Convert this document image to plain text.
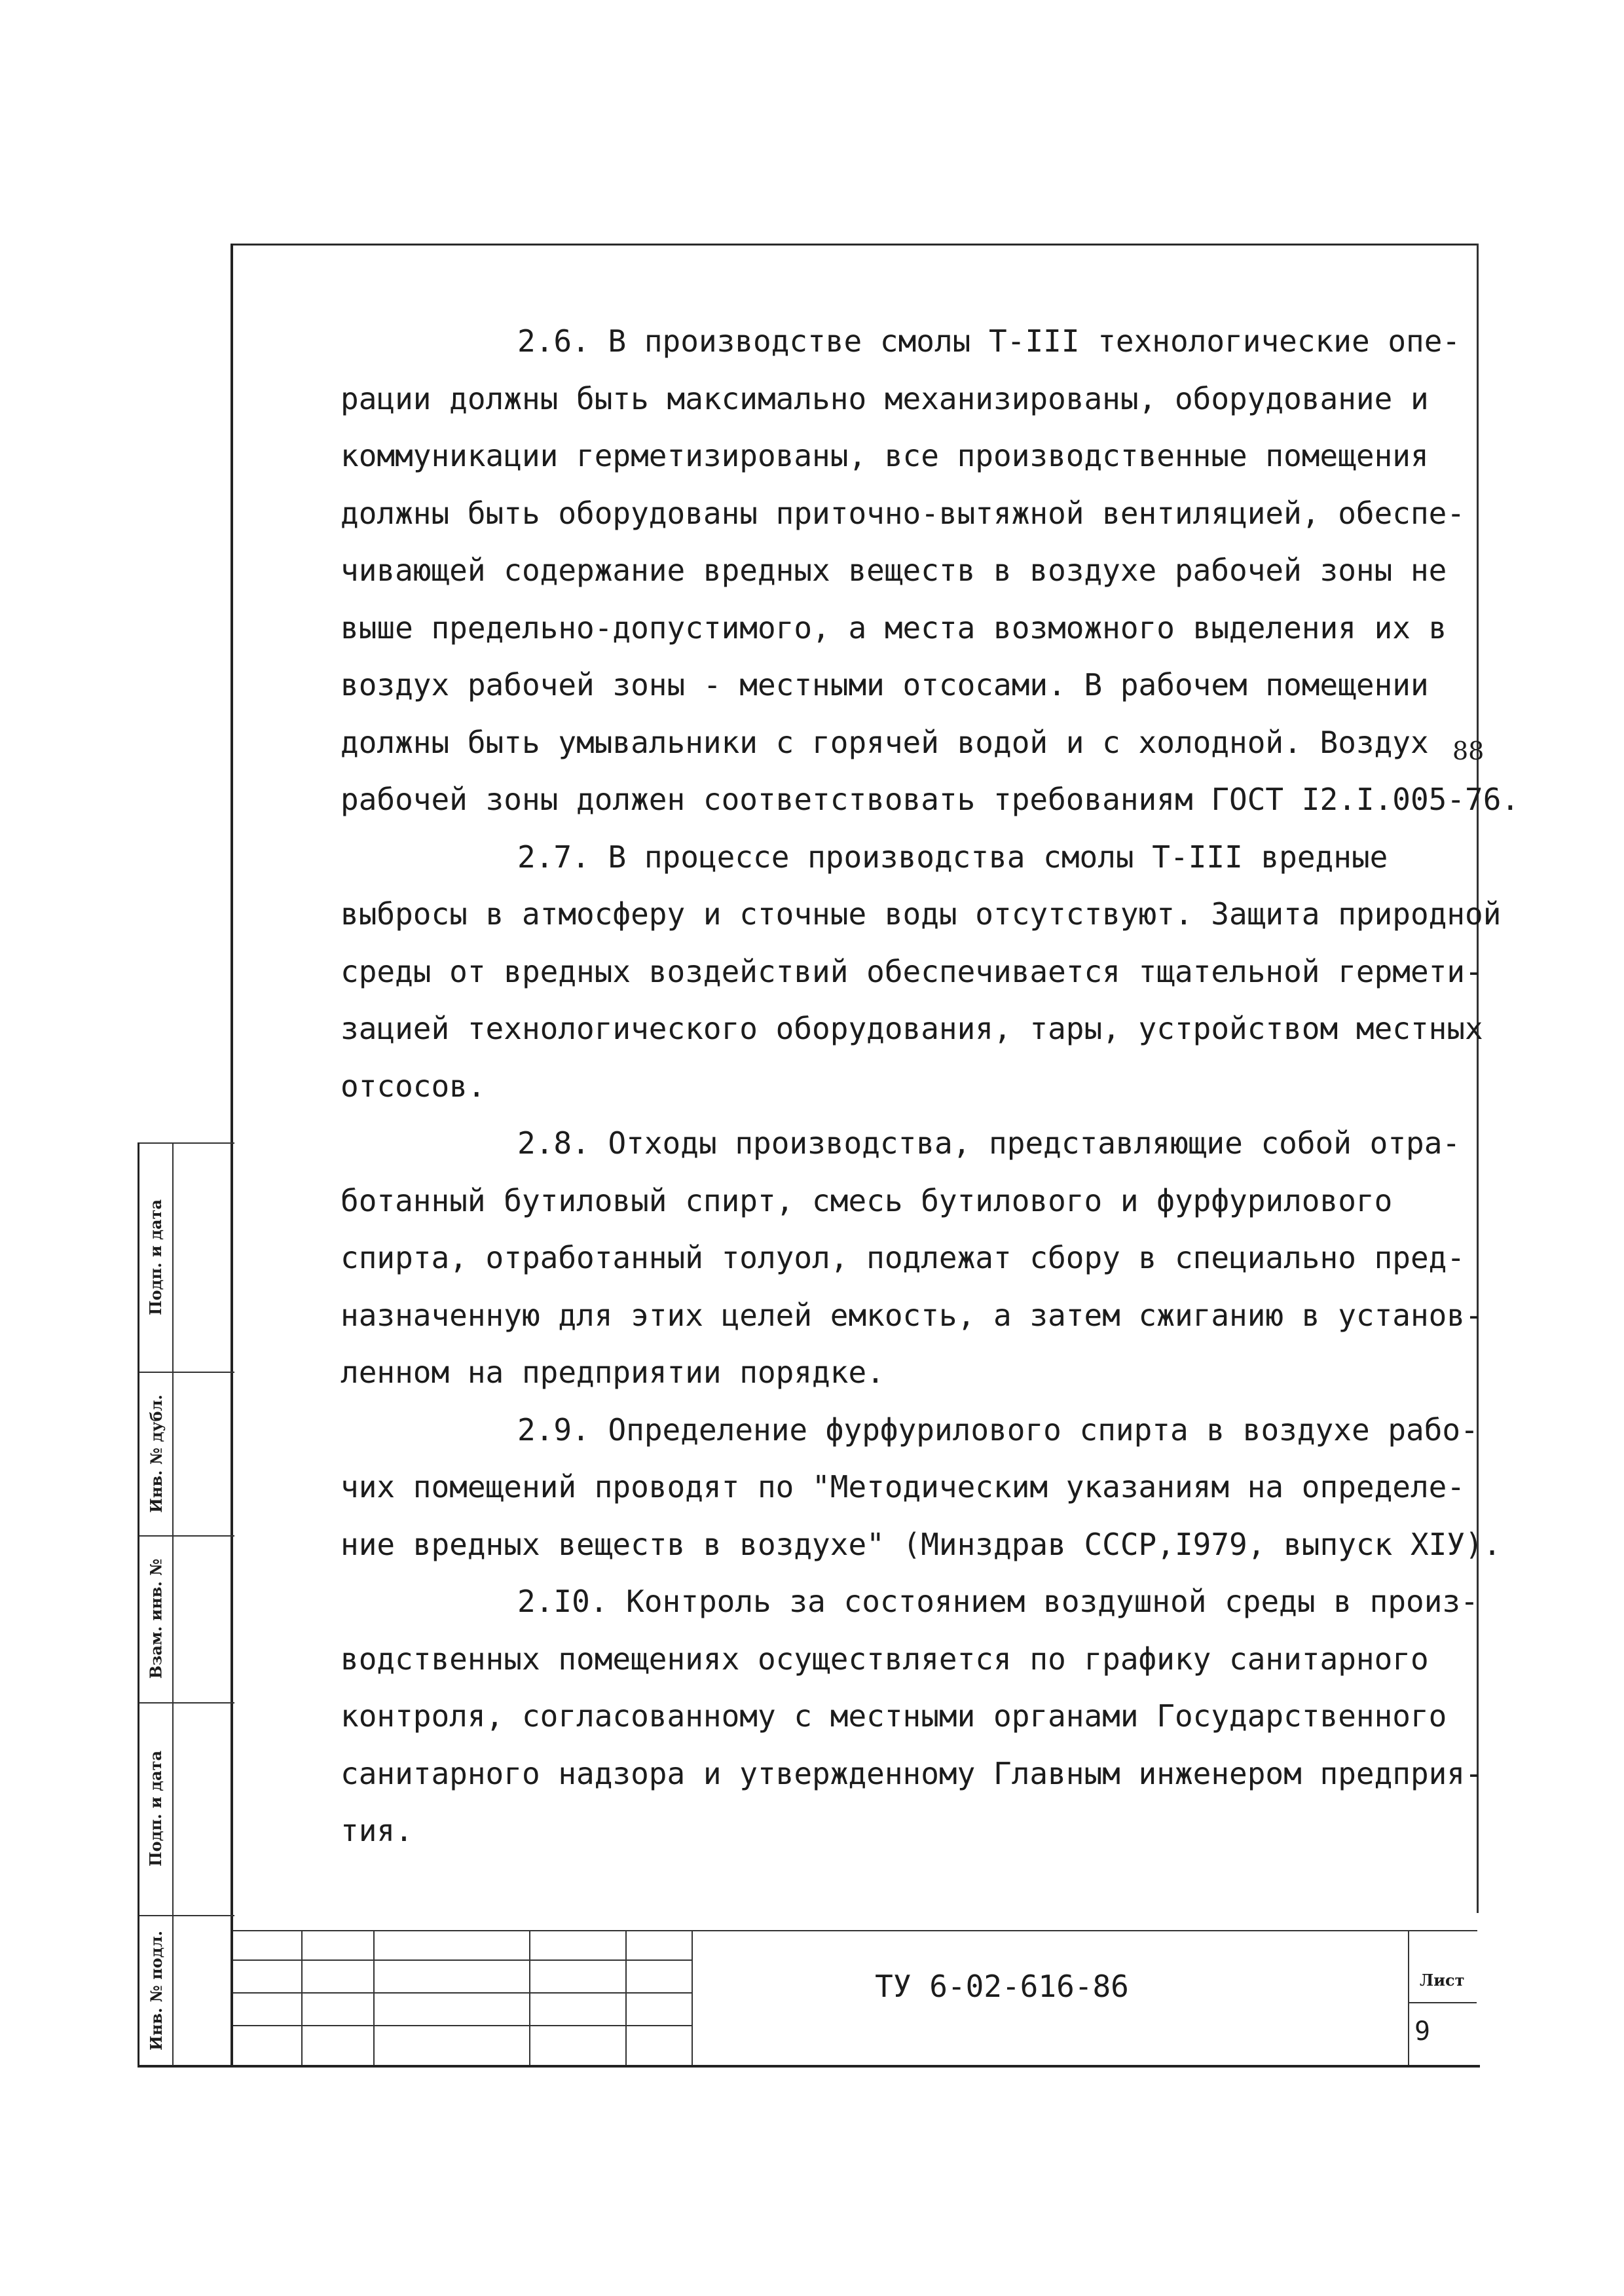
2.6. В производстве смолы Т-III технологические опе-
рации должны быть максимально механизированы, оборудование и
коммуникации герметизированы, все производственные помещения
должны быть оборудованы приточно-вытяжной вентиляцией, обеспе-
чивающей содержание вредных веществ в воздухе рабочей зоны не
выше предельно-допустимого, а места возможного выделения их в
воздух рабочей зоны - местными отсосами. В рабочем помещении
должны быть умывальники с горячей водой и с холодной. Воздух
рабочей зоны должен соответствовать требованиям ГОСТ I2.I.005-76.
2.7. В процессе производства смолы Т-III вредные
выбросы в атмосферу и сточные воды отсутствуют. Защита природной
среды от вредных воздействий обеспечивается тщательной гермети-
зацией технологического оборудования, тары, устройством местных
отсосов.
2.8. Отходы производства, представляющие собой отра-
ботанный бутиловый спирт, смесь бутилового и фурфурилового
спирта, отработанный толуол, подлежат сбору в специально пред-
назначенную для этих целей емкость, а затем сжиганию в установ-
ленном на предприятии порядке.
2.9. Определение фурфурилового спирта в воздухе рабо-
чих помещений проводят по "Методическим указаниям на определе-
ние вредных веществ в воздухе" (Минздрав СССР,I979, выпуск XIУ).
2.I0. Контроль за состоянием воздушной среды в произ-
водственных помещениях осуществляется по графику санитарного
контроля, согласованному с местными органами Государственного
санитарного надзора и утвержденному Главным инженером предприя-
тия.
88
Подп. и дата
Инв. № дубл.
Взам. инв. №
Подп. и дата
Инв. № подл.	ТУ 6-02-616-86	Лист
9
